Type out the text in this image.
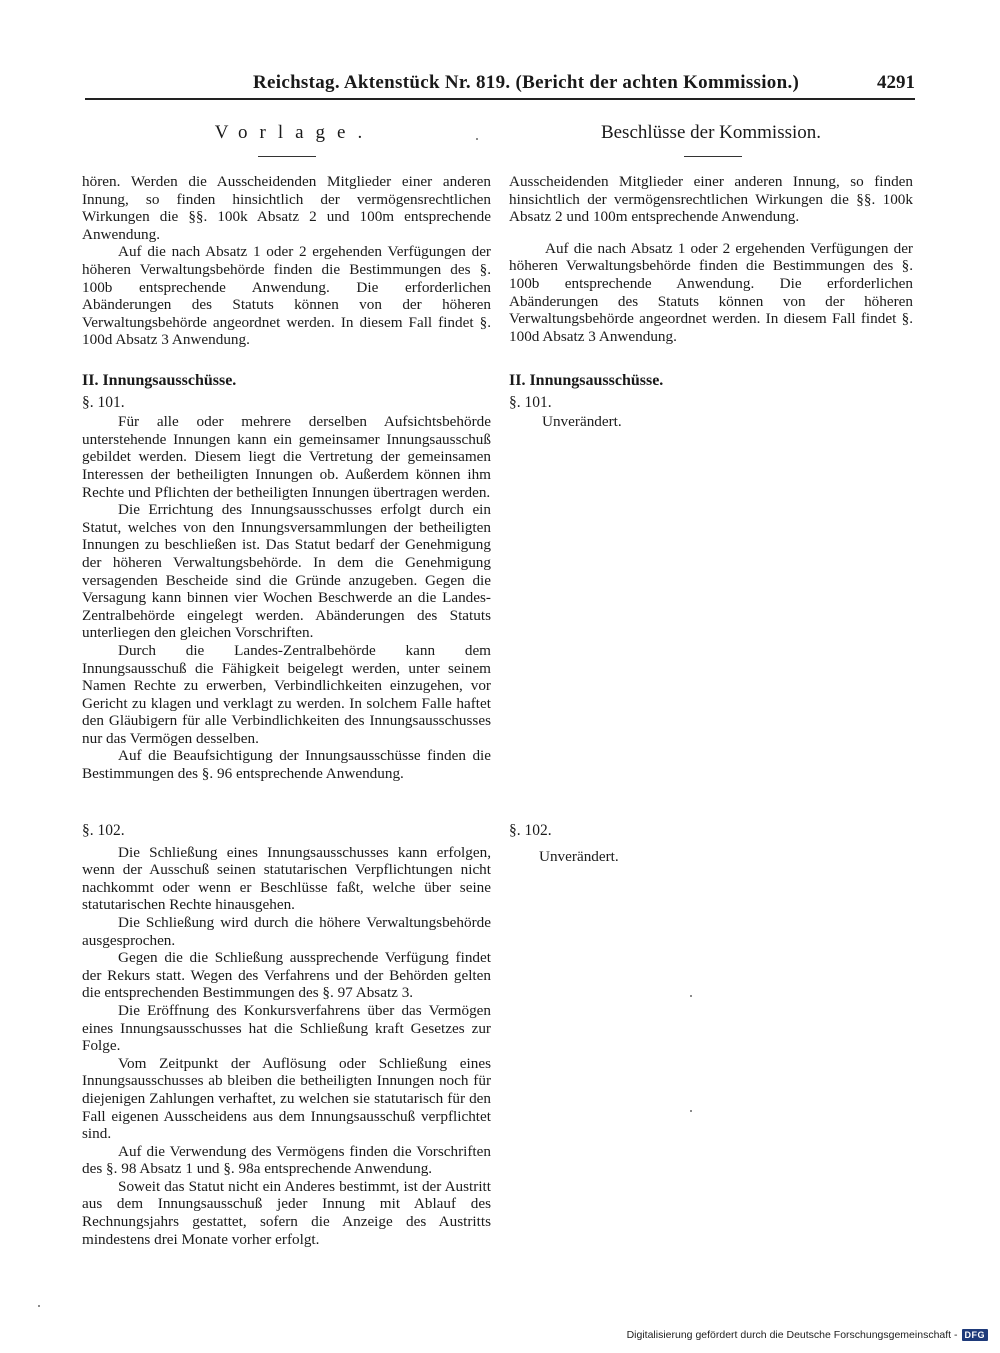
Reichstag. Aktenstück Nr. 819. (Bericht der achten Kommission.)	4291
Vorlage.	Beschlüsse der Kommission.

hören. Werden die Ausscheidenden Mitglieder einer anderen Innung, so finden hinsichtlich der vermögensrechtlichen Wirkungen die §§. 100k Absatz 2 und 100m entsprechende Anwendung.

Auf die nach Absatz 1 oder 2 ergehenden Verfügungen der höheren Verwaltungsbehörde finden die Bestimmungen des §. 100b entsprechende Anwendung. Die erforderlichen Abänderungen des Statuts können von der höheren Verwaltungsbehörde angeordnet werden. In diesem Fall findet §. 100d Absatz 3 Anwendung.

II. Innungsausschüsse.

§. 101.

Für alle oder mehrere derselben Aufsichtsbehörde unterstehende Innungen kann ein gemeinsamer Innungsausschuß gebildet werden. Diesem liegt die Vertretung der gemeinsamen Interessen der betheiligten Innungen ob. Außerdem können ihm Rechte und Pflichten der betheiligten Innungen übertragen werden.

Die Errichtung des Innungsausschusses erfolgt durch ein Statut, welches von den Innungsversammlungen der betheiligten Innungen zu beschließen ist. Das Statut bedarf der Genehmigung der höheren Verwaltungsbehörde. In dem die Genehmigung versagenden Bescheide sind die Gründe anzugeben. Gegen die Versagung kann binnen vier Wochen Beschwerde an die Landes-Zentralbehörde eingelegt werden. Abänderungen des Statuts unterliegen den gleichen Vorschriften.

Durch die Landes-Zentralbehörde kann dem Innungsausschuß die Fähigkeit beigelegt werden, unter seinem Namen Rechte zu erwerben, Verbindlichkeiten einzugehen, vor Gericht zu klagen und verklagt zu werden. In solchem Falle haftet den Gläubigern für alle Verbindlichkeiten des Innungsausschusses nur das Vermögen desselben.

Auf die Beaufsichtigung der Innungsausschüsse finden die Bestimmungen des §. 96 entsprechende Anwendung.

§. 102.

Die Schließung eines Innungsausschusses kann erfolgen, wenn der Ausschuß seinen statutarischen Verpflichtungen nicht nachkommt oder wenn er Beschlüsse faßt, welche über seine statutarischen Rechte hinausgehen.

Die Schließung wird durch die höhere Verwaltungsbehörde ausgesprochen.

Gegen die die Schließung aussprechende Verfügung findet der Rekurs statt. Wegen des Verfahrens und der Behörden gelten die entsprechenden Bestimmungen des §. 97 Absatz 3.

Die Eröffnung des Konkursverfahrens über das Vermögen eines Innungsausschusses hat die Schließung kraft Gesetzes zur Folge.

Vom Zeitpunkt der Auflösung oder Schließung eines Innungsausschusses ab bleiben die betheiligten Innungen noch für diejenigen Zahlungen verhaftet, zu welchen sie statutarisch für den Fall eigenen Ausscheidens aus dem Innungsausschuß verpflichtet sind.

Auf die Verwendung des Vermögens finden die Vorschriften des §. 98 Absatz 1 und §. 98a entsprechende Anwendung.

Soweit das Statut nicht ein Anderes bestimmt, ist der Austritt aus dem Innungsausschuß jeder Innung mit Ablauf des Rechnungsjahrs gestattet, sofern die Anzeige des Austritts mindestens drei Monate vorher erfolgt.

Ausscheidenden Mitglieder einer anderen Innung, so finden hinsichtlich der vermögensrechtlichen Wirkungen die §§. 100k Absatz 2 und 100m entsprechende Anwendung.

Auf die nach Absatz 1 oder 2 ergehenden Verfügungen der höheren Verwaltungsbehörde finden die Bestimmungen des §. 100b entsprechende Anwendung. Die erforderlichen Abänderungen des Statuts können von der höheren Verwaltungsbehörde angeordnet werden. In diesem Fall findet §. 100d Absatz 3 Anwendung.

II. Innungsausschüsse.

§. 101.

Unverändert.

§. 102.

Unverändert.

Digitalisierung gefördert durch die Deutsche Forschungsgemeinschaft - DFG
